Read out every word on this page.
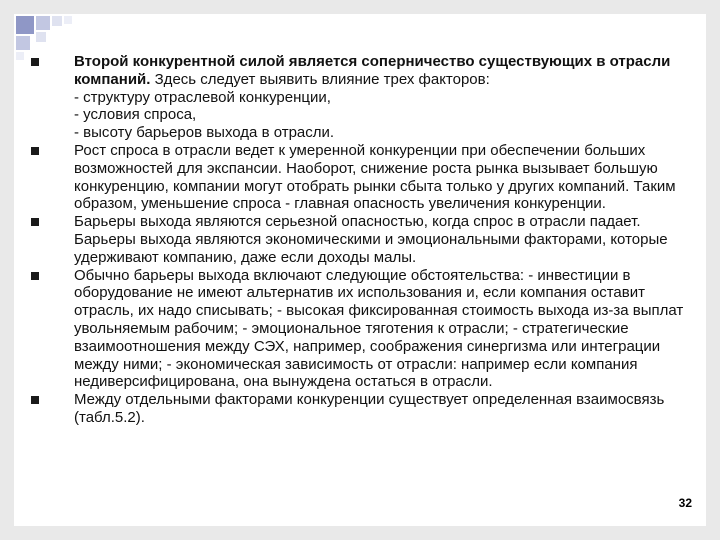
Второй конкурентной силой является соперничество существующих в отрасли компаний. Здесь следует выявить влияние трех факторов:
- структуру отраслевой конкуренции,
- условия спроса,
- высоту барьеров выхода в отрасли.
Рост спроса в отрасли ведет к умеренной конкуренции при обеспечении больших возможностей для экспансии. Наоборот, снижение роста рынка вызывает большую конкуренцию, компании могут отобрать рынки сбыта только у других компаний. Таким образом, уменьшение спроса - главная опасность увеличения конкуренции.
Барьеры выхода являются серьезной опасностью, когда спрос в отрасли падает. Барьеры выхода являются экономическими и эмоциональными факторами, которые удерживают компанию, даже если доходы малы.
Обычно барьеры выхода включают следующие обстоятельства: - инвестиции в оборудование не имеют альтернатив их использования и, если компания оставит отрасль, их надо списывать; - высокая фиксированная стоимость выхода из-за выплат увольняемым рабочим; - эмоциональное тяготения к отрасли; - стратегические взаимоотношения между СЭХ, например, соображения синергизма или интеграции между ними; - экономическая зависимость от отрасли: например если компания недиверсифицирована, она вынуждена остаться в отрасли.
Между отдельными факторами конкуренции существует определенная взаимосвязь (табл.5.2).
32
